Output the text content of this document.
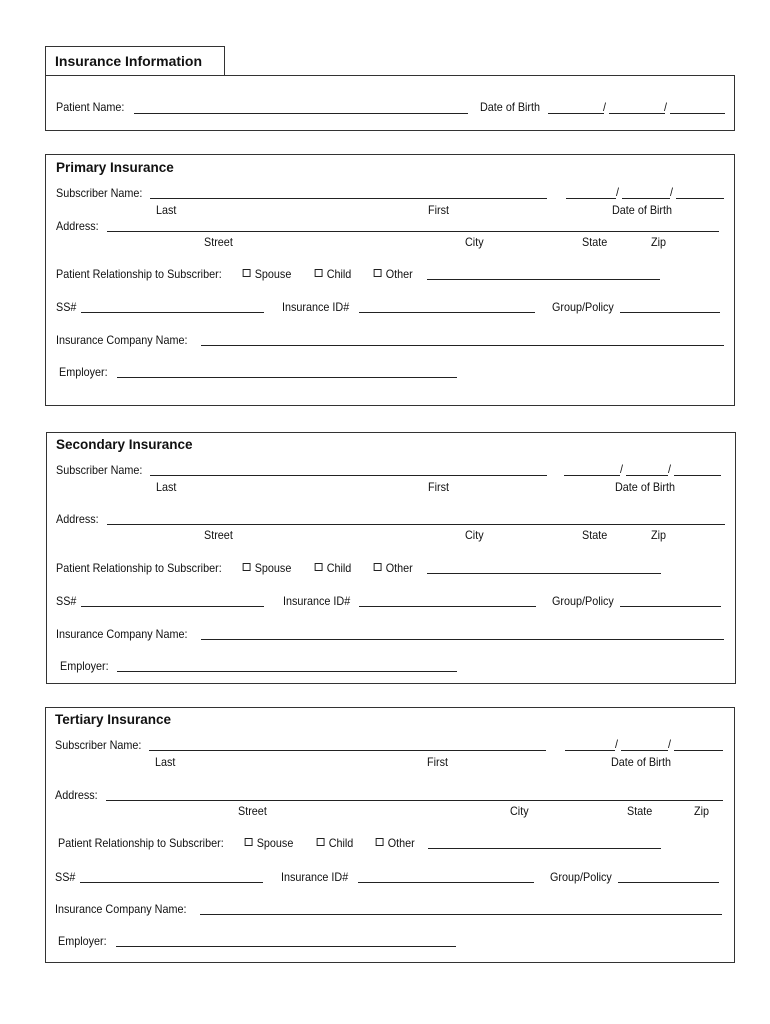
Insurance Information
Patient Name:	Date of Birth	/	/
Primary Insurance
Subscriber Name:	/	/
Last	First	Date of Birth
Address:
Street	City	State	Zip
Patient Relationship to Subscriber:	Spouse	Child	Other
SS#	Insurance ID#	Group/Policy
Insurance Company Name:
Employer:
Secondary Insurance
Subscriber Name:	/	/
Last	First	Date of Birth
Address:
Street	City	State	Zip
Patient Relationship to Subscriber:	Spouse	Child	Other
SS#	Insurance ID#	Group/Policy
Insurance Company Name:
Employer:
Tertiary Insurance
Subscriber Name:	/	/
Last	First	Date of Birth
Address:
Street	City	State	Zip
Patient Relationship to Subscriber:	Spouse	Child	Other
SS#	Insurance ID#	Group/Policy
Insurance Company Name:
Employer:
